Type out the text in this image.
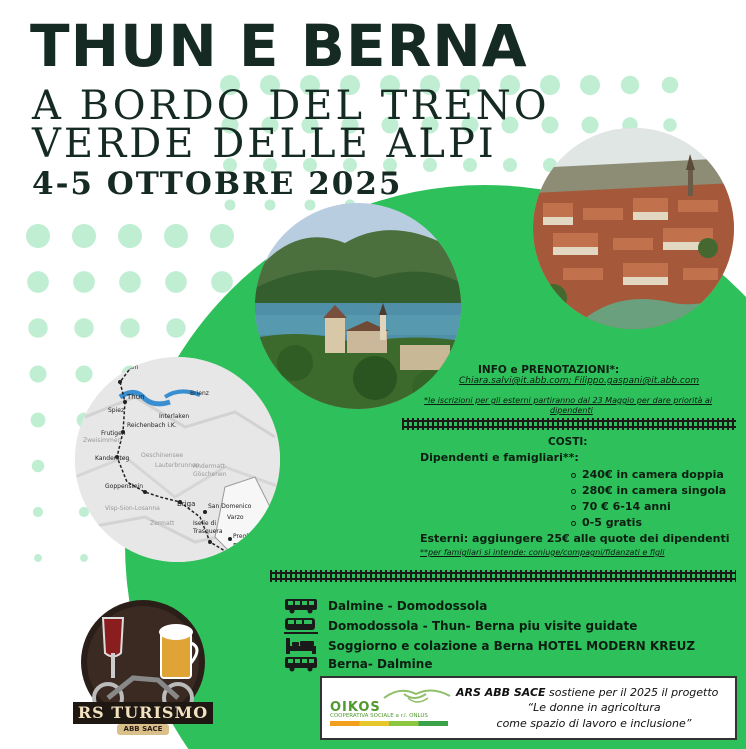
THUN E BERNA
A BORDO DEL TRENO
VERDE DELLE ALPI
4-5 OTTOBRE 2025
gen
Thun
Spiez
Brienz
Interlaken
Reichenbach i.K.
Frutigen
Zweisimmen
Kandersteg Oeschinensee
Lauterbrunnen
Andermatt-Göschenen
Goppenstein
Visp-Sion-Losanna
Briga
Zermatt
San Domenico
Varzo
Iselle di Trasquera
Preglia
Do
INFO e PRENOTAZIONI*:
Chiara.salvi@it.abb.com; Filippo.gaspani@it.abb.com
*le iscrizioni per gli esterni partiranno dal 23 Maggio per dare priorità ai
dipendenti
COSTI:
Dipendenti e famigliari**:
240€ in camera doppia
280€ in camera singola
70 € 6-14 anni
0-5 gratis
Esterni: aggiungere 25€ alle quote dei dipendenti
**per famigliari si intende: coniuge/compagni/fidanzati e figli
Dalmine - Domodossola
Domodossola - Thun- Berna piu visite guidate
Soggiorno e colazione a Berna HOTEL MODERN KREUZ
Berna- Dalmine
RS TURISMO
ABB SACE
OIKOS
COOPERATIVA SOCIALE a r.l. ONLUS
ARS ABB SACE sostiene per il 2025 il progetto
“Le donne in agricoltura
come spazio di lavoro e inclusione”
